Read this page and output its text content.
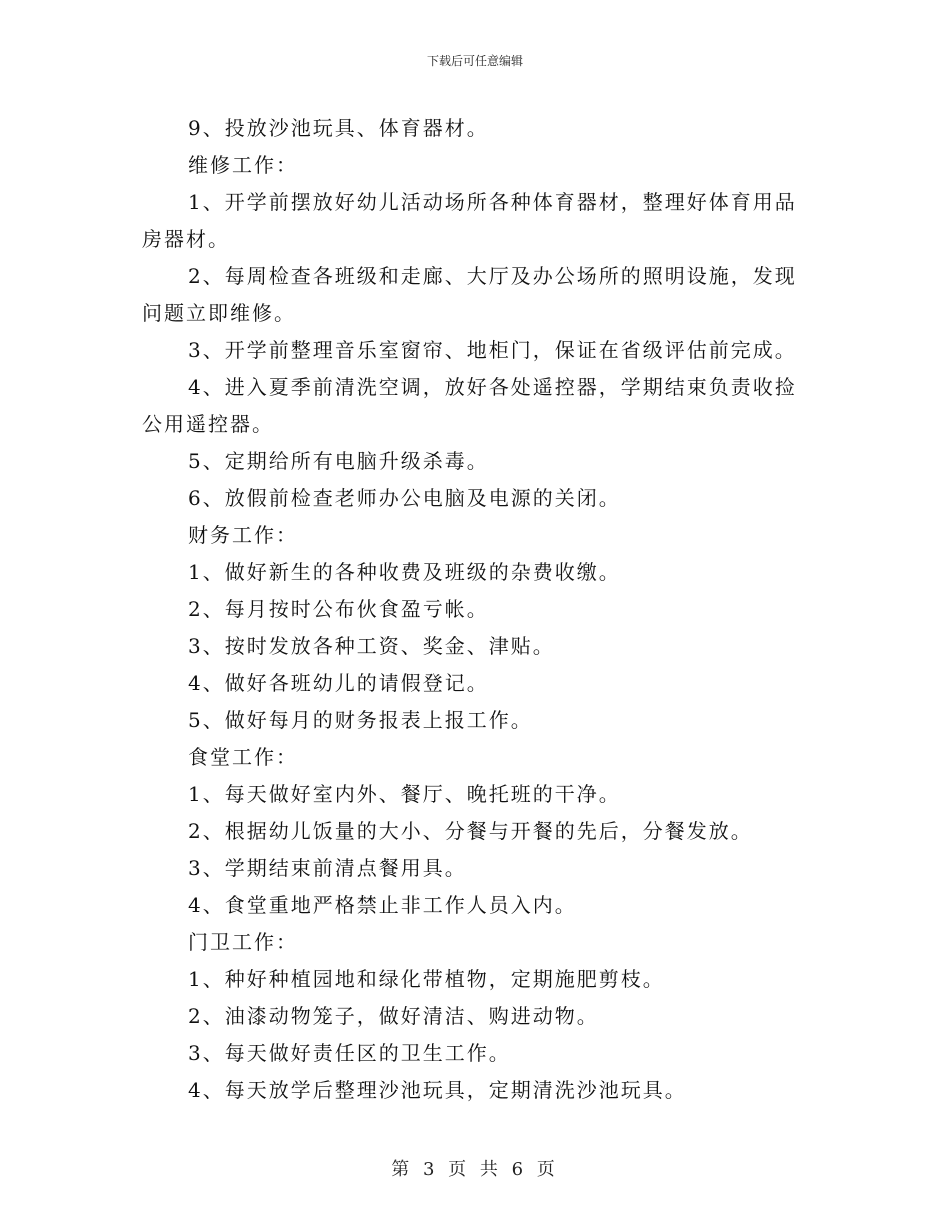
下载后可任意编辑

9、投放沙池玩具、体育器材。

维修工作：

1、开学前摆放好幼儿活动场所各种体育器材，整理好体育用品房器材。

2、每周检查各班级和走廊、大厅及办公场所的照明设施，发现问题立即维修。

3、开学前整理音乐室窗帘、地柜门，保证在省级评估前完成。

4、进入夏季前清洗空调，放好各处遥控器，学期结束负责收捡公用遥控器。

5、定期给所有电脑升级杀毒。

6、放假前检查老师办公电脑及电源的关闭。

财务工作：

1、做好新生的各种收费及班级的杂费收缴。

2、每月按时公布伙食盈亏帐。

3、按时发放各种工资、奖金、津贴。

4、做好各班幼儿的请假登记。

5、做好每月的财务报表上报工作。

食堂工作：

1、每天做好室内外、餐厅、晚托班的干净。

2、根据幼儿饭量的大小、分餐与开餐的先后，分餐发放。

3、学期结束前清点餐用具。

4、食堂重地严格禁止非工作人员入内。

门卫工作：

1、种好种植园地和绿化带植物，定期施肥剪枝。

2、油漆动物笼子，做好清洁、购进动物。

3、每天做好责任区的卫生工作。

4、每天放学后整理沙池玩具，定期清洗沙池玩具。

第 3 页 共 6 页
